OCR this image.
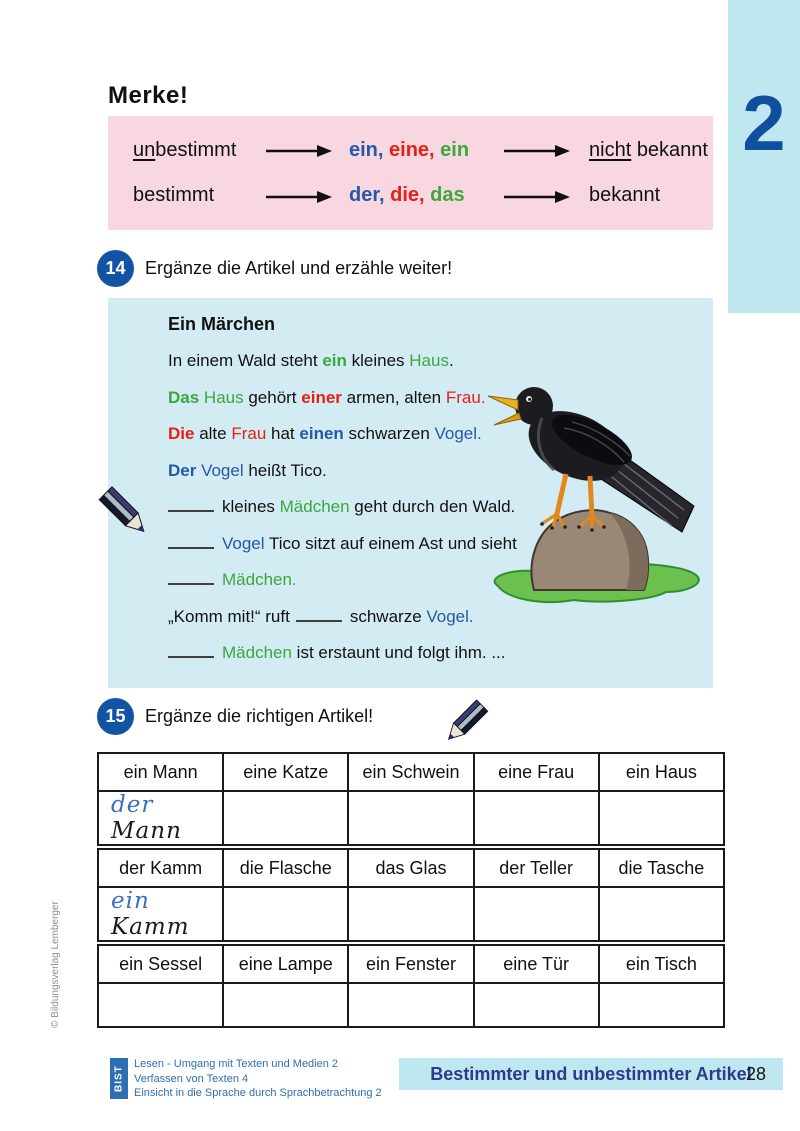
2
Merke!
unbestimmt	ein, eine, ein	nicht bekannt
bestimmt	der, die, das	bekannt
14	Ergänze die Artikel und erzähle weiter!

Ein Märchen

In einem Wald steht ein kleines Haus.

Das Haus gehört einer armen, alten Frau.

Die alte Frau hat einen schwarzen Vogel.

Der Vogel heißt Tico.

kleines Mädchen geht durch den Wald.

Vogel Tico sitzt auf einem Ast und sieht

Mädchen.

„Komm mit!“ ruft	schwarze Vogel.

Mädchen ist erstaunt und folgt ihm. ...

15	Ergänze die richtigen Artikel!
ein Mann	eine Katze	ein Schwein	eine Frau	ein Haus
der Mann				
der Kamm	die Flasche	das Glas	der Teller	die Tasche
ein Kamm				
ein Sessel	eine Lampe	ein Fenster	eine Tür	ein Tisch

© Bildungsverlag Lemberger
BIST
Lesen - Umgang mit Texten und Medien 2
Verfassen von Texten 4
Einsicht in die Sprache durch Sprachbetrachtung 2
Bestimmter und unbestimmter Artikel
28
